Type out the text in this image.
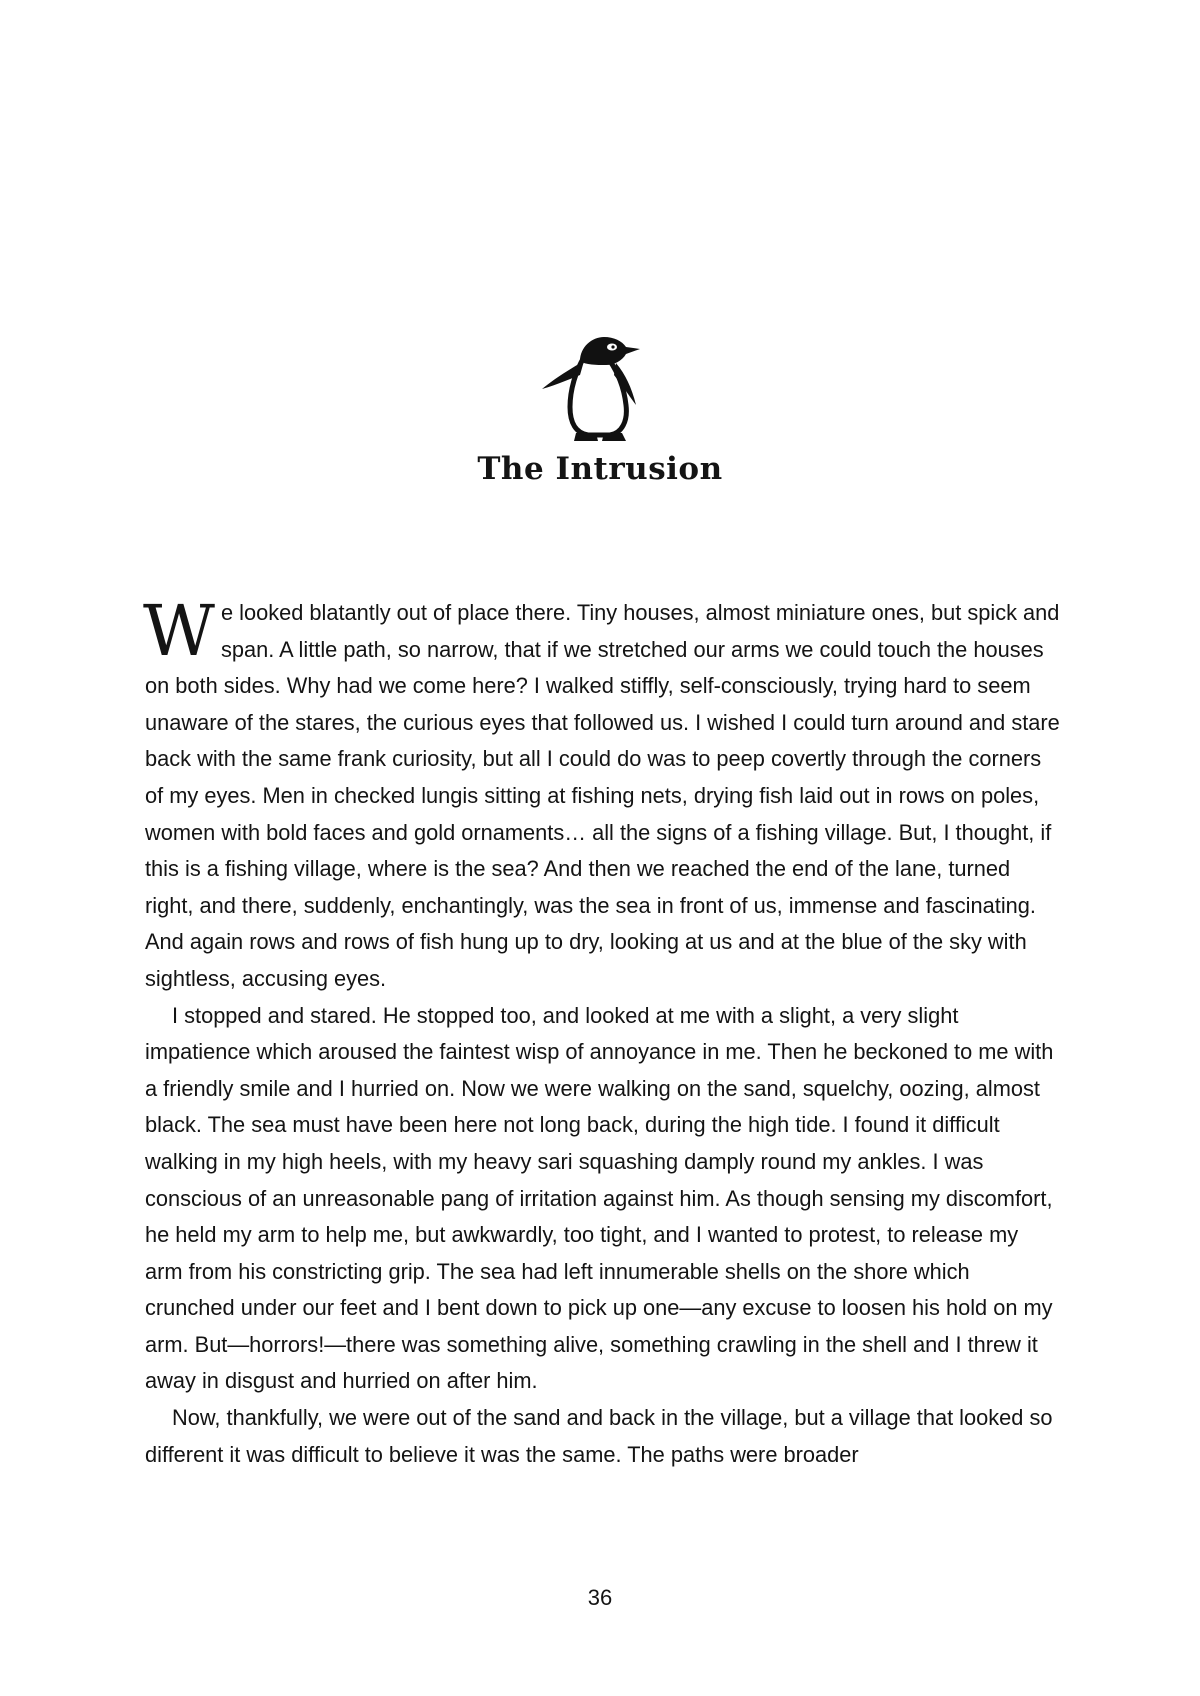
The Intrusion

We looked blatantly out of place there. Tiny houses, almost miniature ones, but spick and span. A little path, so narrow, that if we stretched our arms we could touch the houses on both sides. Why had we come here? I walked stiffly, self-consciously, trying hard to seem unaware of the stares, the curious eyes that followed us. I wished I could turn around and stare back with the same frank curiosity, but all I could do was to peep covertly through the corners of my eyes. Men in checked lungis sitting at fishing nets, drying fish laid out in rows on poles, women with bold faces and gold ornaments… all the signs of a fishing village. But, I thought, if this is a fishing village, where is the sea? And then we reached the end of the lane, turned right, and there, suddenly, enchantingly, was the sea in front of us, immense and fascinating. And again rows and rows of fish hung up to dry, looking at us and at the blue of the sky with sightless, accusing eyes.

I stopped and stared. He stopped too, and looked at me with a slight, a very slight impatience which aroused the faintest wisp of annoyance in me. Then he beckoned to me with a friendly smile and I hurried on. Now we were walking on the sand, squelchy, oozing, almost black. The sea must have been here not long back, during the high tide. I found it difficult walking in my high heels, with my heavy sari squashing damply round my ankles. I was conscious of an unreasonable pang of irritation against him. As though sensing my discomfort, he held my arm to help me, but awkwardly, too tight, and I wanted to protest, to release my arm from his constricting grip. The sea had left innumerable shells on the shore which crunched under our feet and I bent down to pick up one—any excuse to loosen his hold on my arm. But—horrors!—there was something alive, something crawling in the shell and I threw it away in disgust and hurried on after him.

Now, thankfully, we were out of the sand and back in the village, but a village that looked so different it was difficult to believe it was the same. The paths were broader

36
